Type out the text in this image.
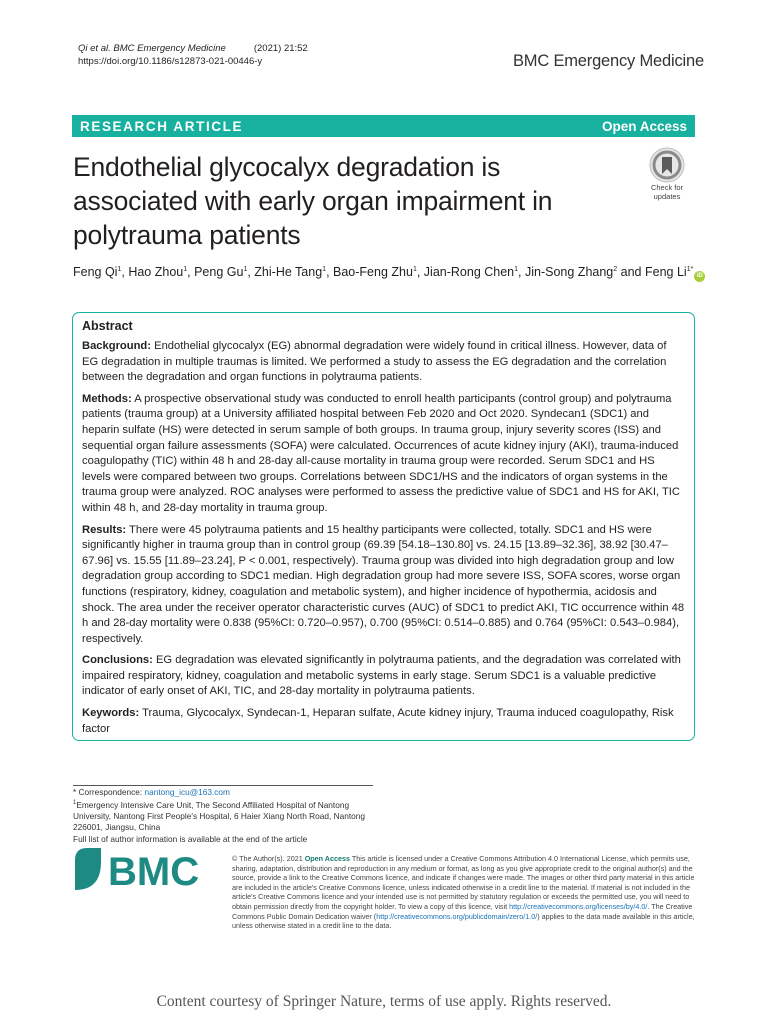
Qi et al. BMC Emergency Medicine	(2021) 21:52
https://doi.org/10.1186/s12873-021-00446-y	BMC Emergency Medicine
RESEARCH ARTICLE	Open Access
Endothelial glycocalyx degradation is
associated with early organ impairment in
polytrauma patients
Check for
updates
Feng Qi$^1$, Hao Zhou$^1$, Peng Gu$^1$, Zhi-He Tang$^1$, Bao-Feng Zhu$^1$, Jian-Rong Chen$^1$, Jin-Song Zhang$^2$ and Feng $Li^{1*}iD$
Abstract

Background: Endothelial glycocalyx (EG) abnormal degradation were widely found in critical illness. However, data of EG degradation in multiple traumas is limited. We performed a study to assess the EG degradation and the correlation between the degradation and organ functions in polytrauma patients.

Methods: A prospective observational study was conducted to enroll health participants (control group) and polytrauma patients (trauma group) at a University affiliated hospital between Feb 2020 and Oct 2020. Syndecan1 (SDC1) and heparin sulfate (HS) were detected in serum sample of both groups. In trauma group, injury severity scores (ISS) and sequential organ failure assessments (SOFA) were calculated. Occurrences of acute kidney injury (AKI), trauma-induced coagulopathy (TIC) within 48 h and 28-day all-cause mortality in trauma group were recorded. Serum SDC1 and HS levels were compared between two groups. Correlations between SDC1/HS and the indicators of organ systems in the trauma group were analyzed. ROC analyses were performed to assess the predictive value of SDC1 and HS for AKI, TIC within 48 h, and 28-day mortality in trauma group.

Results: There were 45 polytrauma patients and 15 healthy participants were collected, totally. SDC1 and HS were significantly higher in trauma group than in control group (69.39 [54.18–130.80] vs. 24.15 [13.89–32.36], 38.92 [30.47–67.96] vs. 15.55 [11.89–23.24], P < 0.001, respectively). Trauma group was divided into high degradation group and low degradation group according to SDC1 median. High degradation group had more severe ISS, SOFA scores, worse organ functions (respiratory, kidney, coagulation and metabolic system), and higher incidence of hypothermia, acidosis and shock. The area under the receiver operator characteristic curves (AUC) of SDC1 to predict AKI, TIC occurrence within 48 h and 28-day mortality were 0.838 (95%CI: 0.720–0.957), 0.700 (95%CI: 0.514–0.885) and 0.764 (95%CI: 0.543–0.984), respectively.

Conclusions: EG degradation was elevated significantly in polytrauma patients, and the degradation was correlated with impaired respiratory, kidney, coagulation and metabolic systems in early stage. Serum SDC1 is a valuable predictive indicator of early onset of AKI, TIC, and 28-day mortality in polytrauma patients.

Keywords: Trauma, Glycocalyx, Syndecan-1, Heparan sulfate, Acute kidney injury, Trauma induced coagulopathy, Risk factor

* Correspondence: nantong_icu@163.com
$^1$Emergency Intensive Care Unit, The Second Affiliated Hospital of Nantong University, Nantong First People's Hospital, 6 Haier Xiang North Road, Nantong 226001, Jiangsu, China
Full list of author information is available at the end of the article
BMC	© The Author(s). 2021 Open Access This article is licensed under a Creative Commons Attribution 4.0 International License, which permits use, sharing, adaptation, distribution and reproduction in any medium or format, as long as you give appropriate credit to the original author(s) and the source, provide a link to the Creative Commons licence, and indicate if changes were made. The images or other third party material in this article are included in the article's Creative Commons licence, unless indicated otherwise in a credit line to the material. If material is not included in the article's Creative Commons licence and your intended use is not permitted by statutory regulation or exceeds the permitted use, you will need to obtain permission directly from the copyright holder. To view a copy of this licence, visit http://creativecommons.org/licenses/by/4.0/. The Creative Commons Public Domain Dedication waiver (http://creativecommons.org/publicdomain/zero/1.0/) applies to the data made available in this article, unless otherwise stated in a credit line to the data.
Content courtesy of Springer Nature, terms of use apply. Rights reserved.
